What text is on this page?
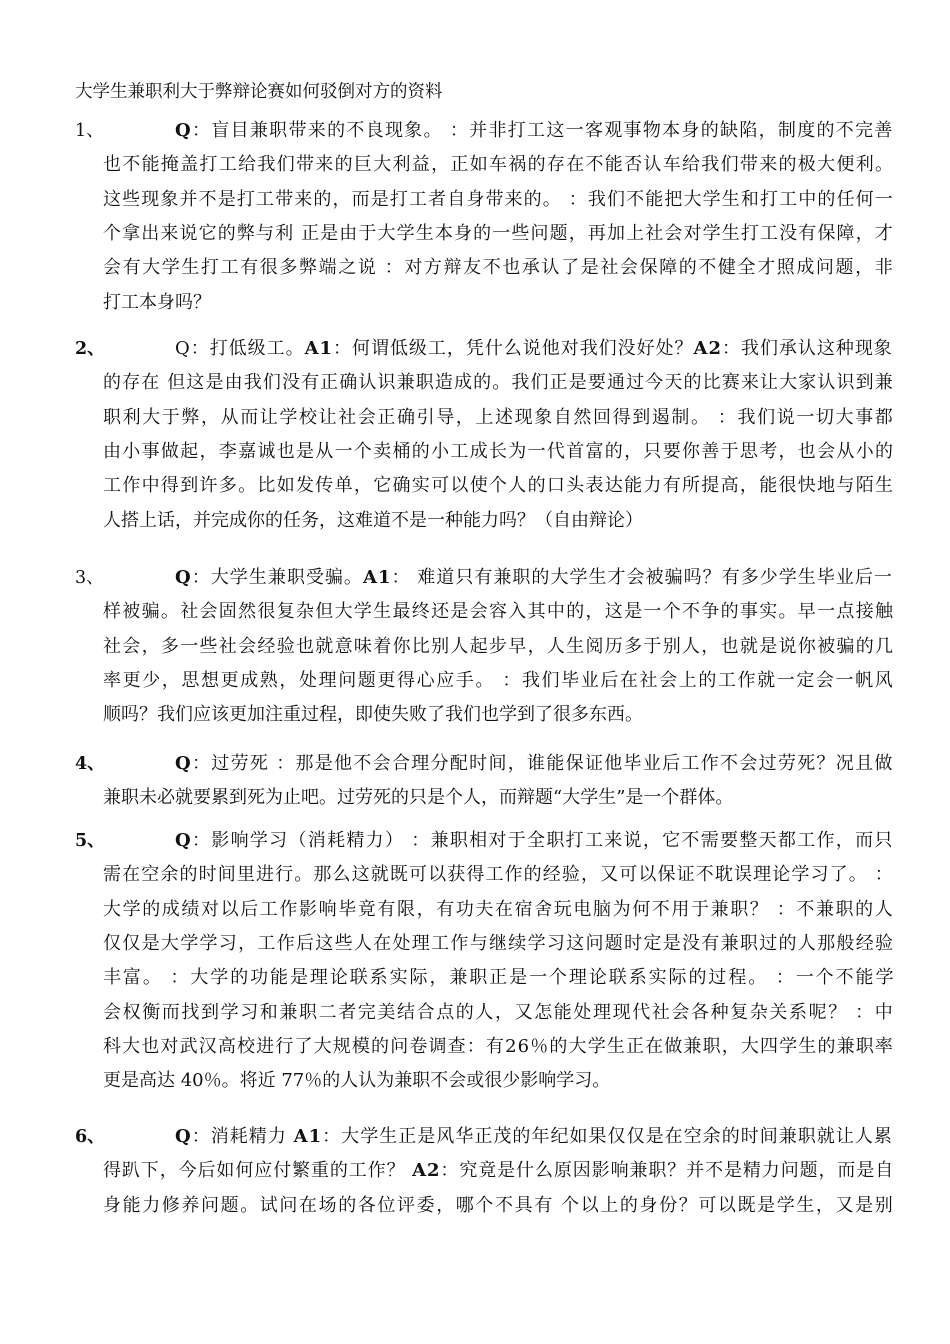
大学生兼职利大于弊辩论赛如何驳倒对方的资料
1、	Q：盲目兼职带来的不良现象。 ：并非打工这一客观事物本身的缺陷，制度的不完善
也不能掩盖打工给我们带来的巨大利益，正如车祸的存在不能否认车给我们带来的极大便利。
这些现象并不是打工带来的，而是打工者自身带来的。 ：我们不能把大学生和打工中的任何一
个拿出来说它的弊与利 正是由于大学生本身的一些问题，再加上社会对学生打工没有保障，才
会有大学生打工有很多弊端之说 ：对方辩友不也承认了是社会保障的不健全才照成问题，非
打工本身吗？
2、	Q：打低级工。A1：何谓低级工，凭什么说他对我们没好处？A2：我们承认这种现象
的存在 但这是由我们没有正确认识兼职造成的。我们正是要通过今天的比赛来让大家认识到兼
职利大于弊，从而让学校让社会正确引导，上述现象自然回得到遏制。 ：我们说一切大事都
由小事做起，李嘉诚也是从一个卖桶的小工成长为一代首富的，只要你善于思考，也会从小的
工作中得到许多。比如发传单，它确实可以使个人的口头表达能力有所提高，能很快地与陌生
人搭上话，并完成你的任务，这难道不是一种能力吗？（自由辩论）
3、	Q：大学生兼职受骗。A1： 难道只有兼职的大学生才会被骗吗？有多少学生毕业后一
样被骗。社会固然很复杂但大学生最终还是会容入其中的，这是一个不争的事实。早一点接触
社会，多一些社会经验也就意味着你比别人起步早，人生阅历多于别人，也就是说你被骗的几
率更少，思想更成熟，处理问题更得心应手。 ：我们毕业后在社会上的工作就一定会一帆风
顺吗？我们应该更加注重过程，即使失败了我们也学到了很多东西。
4、	Q：过劳死 ：那是他不会合理分配时间，谁能保证他毕业后工作不会过劳死？况且做
兼职未必就要累到死为止吧。过劳死的只是个人，而辩题“大学生”是一个群体。
5、	Q：影响学习（消耗精力） ：兼职相对于全职打工来说，它不需要整天都工作，而只
需在空余的时间里进行。那么这就既可以获得工作的经验，又可以保证不耽误理论学习了。 ：
大学的成绩对以后工作影响毕竟有限，有功夫在宿舍玩电脑为何不用于兼职？ ：不兼职的人
仅仅是大学学习，工作后这些人在处理工作与继续学习这问题时定是没有兼职过的人那般经验
丰富。 ：大学的功能是理论联系实际，兼职正是一个理论联系实际的过程。 ：一个不能学
会权衡而找到学习和兼职二者完美结合点的人，又怎能处理现代社会各种复杂关系呢？ ：中
科大也对武汉高校进行了大规模的问卷调查：有26％的大学生正在做兼职，大四学生的兼职率
更是高达 40％。将近 77％的人认为兼职不会或很少影响学习。
6、	Q：消耗精力 A1：大学生正是风华正茂的年纪如果仅仅是在空余的时间兼职就让人累
得趴下，今后如何应付繁重的工作？ A2：究竟是什么原因影响兼职？并不是精力问题，而是自
身能力修养问题。试问在场的各位评委，哪个不具有 个以上的身份？可以既是学生，又是别
